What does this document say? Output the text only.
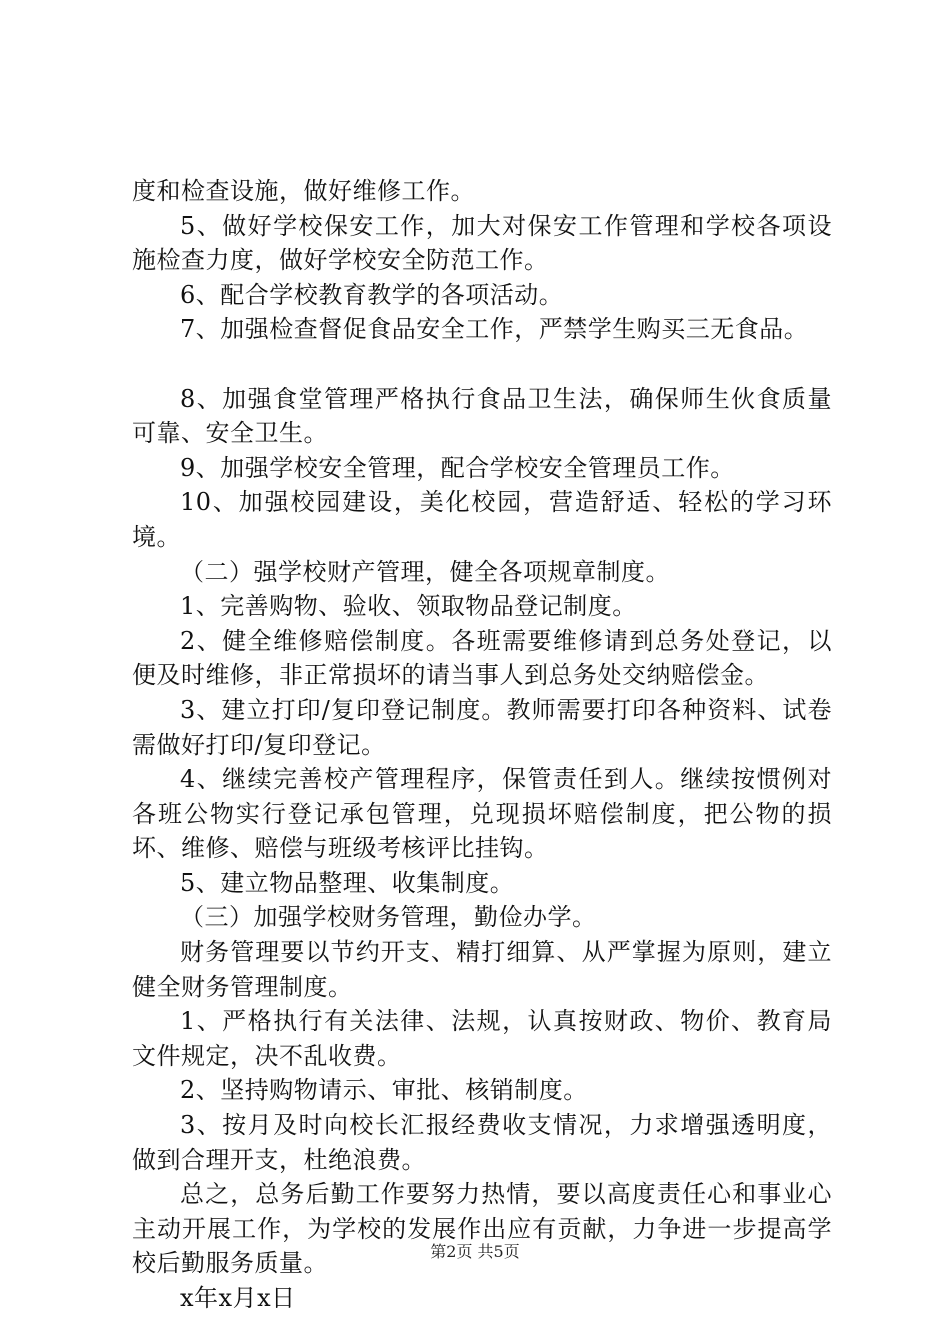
度和检查设施，做好维修工作。

5、做好学校保安工作，加大对保安工作管理和学校各项设施检查力度，做好学校安全防范工作。

6、配合学校教育教学的各项活动。

7、加强检查督促食品安全工作，严禁学生购买三无食品。

8、加强食堂管理严格执行食品卫生法，确保师生伙食质量可靠、安全卫生。

9、加强学校安全管理，配合学校安全管理员工作。

10、加强校园建设，美化校园，营造舒适、轻松的学习环境。

（二）强学校财产管理，健全各项规章制度。

1、完善购物、验收、领取物品登记制度。

2、健全维修赔偿制度。各班需要维修请到总务处登记，以便及时维修，非正常损坏的请当事人到总务处交纳赔偿金。

3、建立打印/复印登记制度。教师需要打印各种资料、试卷需做好打印/复印登记。

4、继续完善校产管理程序，保管责任到人。继续按惯例对各班公物实行登记承包管理，兑现损坏赔偿制度，把公物的损坏、维修、赔偿与班级考核评比挂钩。

5、建立物品整理、收集制度。

（三）加强学校财务管理，勤俭办学。

财务管理要以节约开支、精打细算、从严掌握为原则，建立健全财务管理制度。

1、严格执行有关法律、法规，认真按财政、物价、教育局文件规定，决不乱收费。

2、坚持购物请示、审批、核销制度。

3、按月及时向校长汇报经费收支情况，力求增强透明度，做到合理开支，杜绝浪费。

总之，总务后勤工作要努力热情，要以高度责任心和事业心主动开展工作，为学校的发展作出应有贡献，力争进一步提高学校后勤服务质量。

x年x月x日

第2页 共5页
